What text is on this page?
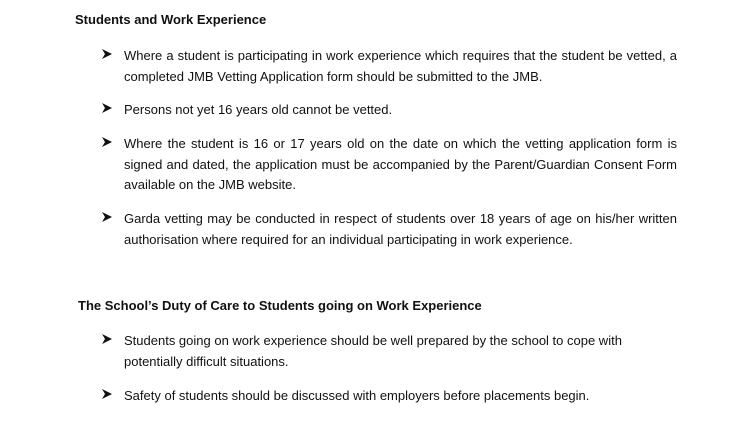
Students and Work Experience

Where a student is participating in work experience which requires that the student be vetted, a completed JMB Vetting Application form should be submitted to the JMB.

Persons not yet 16 years old cannot be vetted.

Where the student is 16 or 17 years old on the date on which the vetting application form is signed and dated, the application must be accompanied by the Parent/Guardian Consent Form available on the JMB website.

Garda vetting may be conducted in respect of students over 18 years of age on his/her written authorisation where required for an individual participating in work experience.

The School’s Duty of Care to Students going on Work Experience

Students going on work experience should be well prepared by the school to cope with potentially difficult situations.

Safety of students should be discussed with employers before placements begin.
